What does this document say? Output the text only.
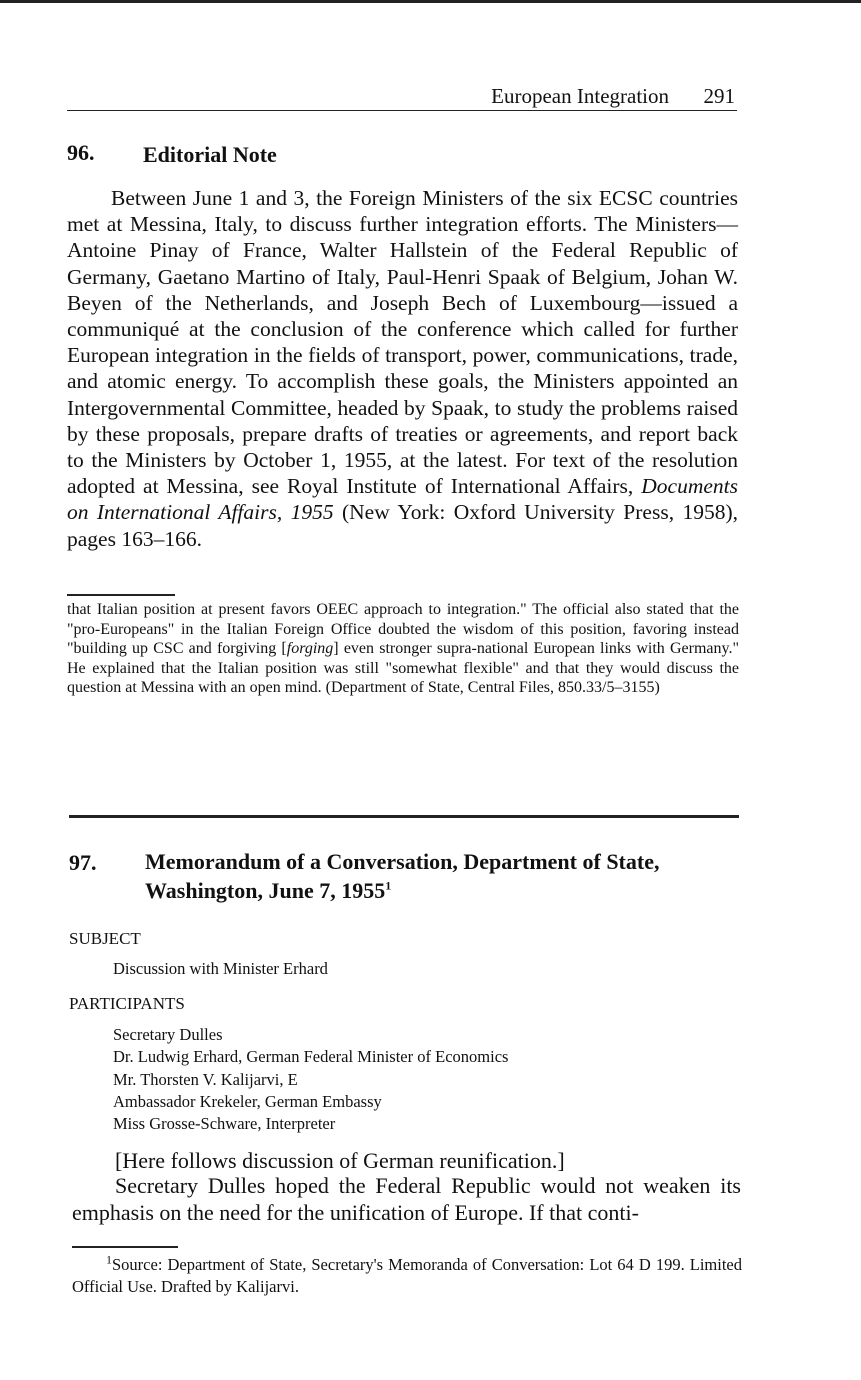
European Integration 291
96. Editorial Note

Between June 1 and 3, the Foreign Ministers of the six ECSC countries met at Messina, Italy, to discuss further integration efforts. The Ministers—Antoine Pinay of France, Walter Hallstein of the Federal Republic of Germany, Gaetano Martino of Italy, Paul-Henri Spaak of Belgium, Johan W. Beyen of the Netherlands, and Joseph Bech of Luxembourg—issued a communiqué at the conclusion of the conference which called for further European integration in the fields of transport, power, communications, trade, and atomic energy. To accomplish these goals, the Ministers appointed an Intergovernmental Committee, headed by Spaak, to study the problems raised by these proposals, prepare drafts of treaties or agreements, and report back to the Ministers by October 1, 1955, at the latest. For text of the resolution adopted at Messina, see Royal Institute of International Affairs, Documents on International Affairs, 1955 (New York: Oxford University Press, 1958), pages 163–166.

that Italian position at present favors OEEC approach to integration." The official also stated that the "pro-Europeans" in the Italian Foreign Office doubted the wisdom of this position, favoring instead "building up CSC and forgiving [forging] even stronger supra-national European links with Germany." He explained that the Italian position was still "somewhat flexible" and that they would discuss the question at Messina with an open mind. (Department of State, Central Files, 850.33/5–3155)

97. Memorandum of a Conversation, Department of State,
Washington, June 7, 1955$^1$
SUBJECT
Discussion with Minister Erhard
PARTICIPANTS
Secretary Dulles
Dr. Ludwig Erhard, German Federal Minister of Economics
Mr. Thorsten V. Kalijarvi, E
Ambassador Krekeler, German Embassy
Miss Grosse-Schware, Interpreter
[Here follows discussion of German reunification.]

Secretary Dulles hoped the Federal Republic would not weaken its emphasis on the need for the unification of Europe. If that conti-

$^1$Source: Department of State, Secretary's Memoranda of Conversation: Lot 64 D 199. Limited Official Use. Drafted by Kalijarvi.
